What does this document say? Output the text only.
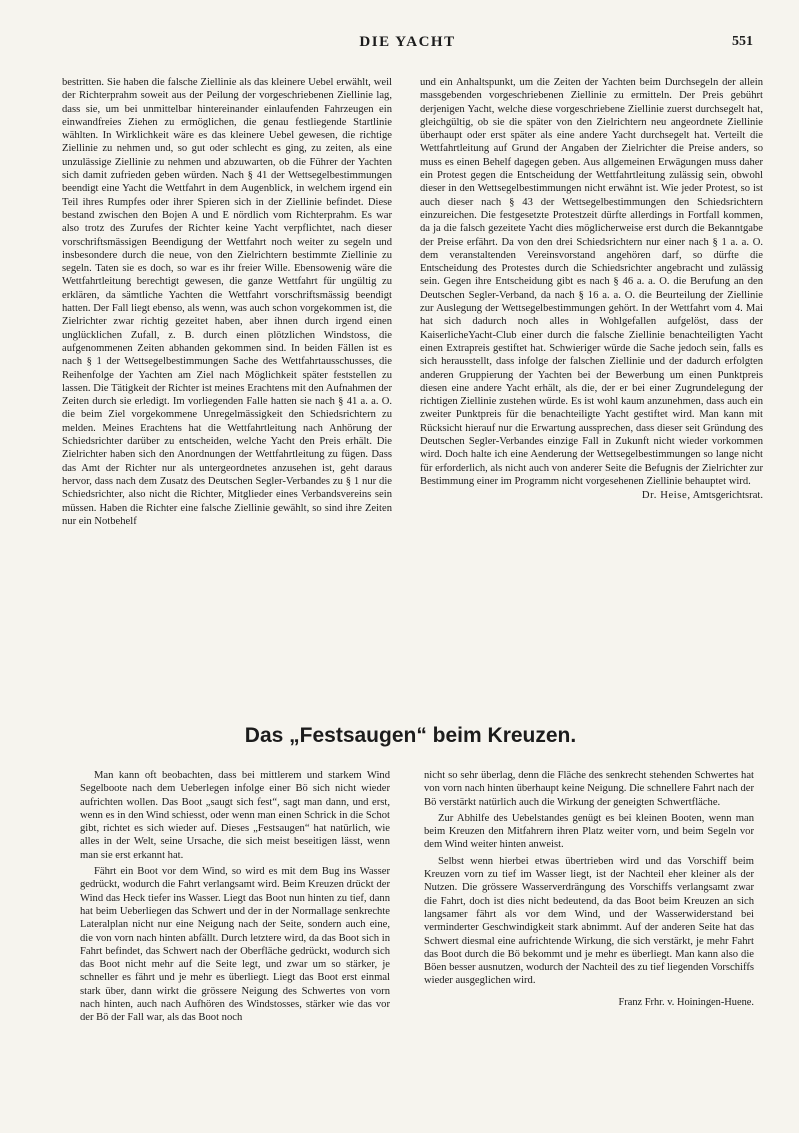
DIE YACHT	551

bestritten. Sie haben die falsche Ziellinie als das kleinere Uebel erwählt, weil der Richterprahm soweit aus der Peilung der vorgeschriebenen Ziellinie lag, dass sie, um bei unmittelbar hintereinander einlaufenden Fahrzeugen ein einwandfreies Ziehen zu ermöglichen, die genau festliegende Startlinie wählten. In Wirklichkeit wäre es das kleinere Uebel gewesen, die richtige Ziellinie zu nehmen und, so gut oder schlecht es ging, zu zeiten, als eine unzulässige Ziellinie zu nehmen und abzuwarten, ob die Führer der Yachten sich damit zufrieden geben würden. Nach § 41 der Wettsegelbestimmungen beendigt eine Yacht die Wettfahrt in dem Augenblick, in welchem irgend ein Teil ihres Rumpfes oder ihrer Spieren sich in der Ziellinie befindet. Diese bestand zwischen den Bojen A und E nördlich vom Richterprahm. Es war also trotz des Zurufes der Richter keine Yacht verpflichtet, nach dieser vorschriftsmässigen Beendigung der Wettfahrt noch weiter zu segeln und insbesondere durch die neue, von den Zielrichtern bestimmte Ziellinie zu segeln. Taten sie es doch, so war es ihr freier Wille. Ebensowenig wäre die Wettfahrtleitung berechtigt gewesen, die ganze Wettfahrt für ungültig zu erklären, da sämtliche Yachten die Wettfahrt vorschriftsmässig beendigt hatten. Der Fall liegt ebenso, als wenn, was auch schon vorgekommen ist, die Zielrichter zwar richtig gezeitet haben, aber ihnen durch irgend einen unglücklichen Zufall, z. B. durch einen plötzlichen Windstoss, die aufgenommenen Zeiten abhanden gekommen sind. In beiden Fällen ist es nach § 1 der Wettsegelbestimmungen Sache des Wettfahrtausschusses, die Reihenfolge der Yachten am Ziel nach Möglichkeit später feststellen zu lassen. Die Tätigkeit der Richter ist meines Erachtens mit den Aufnahmen der Zeiten durch sie erledigt. Im vorliegenden Falle hatten sie nach § 41 a. a. O. die beim Ziel vorgekommene Unregelmässigkeit den Schiedsrichtern zu melden. Meines Erachtens hat die Wettfahrtleitung nach Anhörung der Schiedsrichter darüber zu entscheiden, welche Yacht den Preis erhält. Die Zielrichter haben sich den Anordnungen der Wettfahrtleitung zu fügen. Dass das Amt der Richter nur als untergeordnetes anzusehen ist, geht daraus hervor, dass nach dem Zusatz des Deutschen Segler-Verbandes zu § 1 nur die Schiedsrichter, also nicht die Richter, Mitglieder eines Verbandsvereins sein müssen. Haben die Richter eine falsche Ziellinie gewählt, so sind ihre Zeiten nur ein Notbehelf

und ein Anhaltspunkt, um die Zeiten der Yachten beim Durchsegeln der allein massgebenden vorgeschriebenen Ziellinie zu ermitteln. Der Preis gebührt derjenigen Yacht, welche diese vorgeschriebene Ziellinie zuerst durchsegelt hat, gleichgültig, ob sie die später von den Zielrichtern neu angeordnete Ziellinie überhaupt oder erst später als eine andere Yacht durchsegelt hat. Verteilt die Wettfahrtleitung auf Grund der Angaben der Zielrichter die Preise anders, so muss es einen Behelf dagegen geben. Aus allgemeinen Erwägungen muss daher ein Protest gegen die Entscheidung der Wettfahrtleitung zulässig sein, obwohl dieser in den Wettsegelbestimmungen nicht erwähnt ist. Wie jeder Protest, so ist auch dieser nach § 43 der Wettsegelbestimmungen den Schiedsrichtern einzureichen. Die festgesetzte Protestzeit dürfte allerdings in Fortfall kommen, da ja die falsch gezeitete Yacht dies möglicherweise erst durch die Bekanntgabe der Preise erfährt. Da von den drei Schiedsrichtern nur einer nach § 1 a. a. O. dem veranstaltenden Vereinsvorstand angehören darf, so dürfte die Entscheidung des Protestes durch die Schiedsrichter angebracht und zulässig sein. Gegen ihre Entscheidung gibt es nach § 46 a. a. O. die Berufung an den Deutschen Segler-Verband, da nach § 16 a. a. O. die Beurteilung der Ziellinie zur Auslegung der Wettsegelbestimmungen gehört. In der Wettfahrt vom 4. Mai hat sich dadurch noch alles in Wohlgefallen aufgelöst, dass der KaiserlicheYacht-Club einer durch die falsche Ziellinie benachteiligten Yacht einen Extrapreis gestiftet hat. Schwieriger würde die Sache jedoch sein, falls es sich herausstellt, dass infolge der falschen Ziellinie und der dadurch erfolgten anderen Gruppierung der Yachten bei der Bewerbung um einen Punktpreis diesen eine andere Yacht erhält, als die, der er bei einer Zugrundelegung der richtigen Ziellinie zustehen würde. Es ist wohl kaum anzunehmen, dass auch ein zweiter Punktpreis für die benachteiligte Yacht gestiftet wird. Man kann mit Rücksicht hierauf nur die Erwartung aussprechen, dass dieser seit Gründung des Deutschen Segler-Verbandes einzige Fall in Zukunft nicht wieder vorkommen wird. Doch halte ich eine Aenderung der Wettsegelbestimmungen so lange nicht für erforderlich, als nicht auch von anderer Seite die Befugnis der Zielrichter zur Bestimmung einer im Programm nicht vorgesehenen Ziellinie behauptet wird.

Dr. Heise, Amtsgerichtsrat.
Das „Festsaugen“ beim Kreuzen.

Man kann oft beobachten, dass bei mittlerem und starkem Wind Segelboote nach dem Ueberlegen infolge einer Bö sich nicht wieder aufrichten wollen. Das Boot „saugt sich fest“, sagt man dann, und erst, wenn es in den Wind schiesst, oder wenn man einen Schrick in die Schot gibt, richtet es sich wieder auf. Dieses „Festsaugen“ hat natürlich, wie alles in der Welt, seine Ursache, die sich meist beseitigen lässt, wenn man sie erst erkannt hat.

Fährt ein Boot vor dem Wind, so wird es mit dem Bug ins Wasser gedrückt, wodurch die Fahrt verlangsamt wird. Beim Kreuzen drückt der Wind das Heck tiefer ins Wasser. Liegt das Boot nun hinten zu tief, dann hat beim Ueberliegen das Schwert und der in der Normallage senkrechte Lateralplan nicht nur eine Neigung nach der Seite, sondern auch eine, die von vorn nach hinten abfällt. Durch letztere wird, da das Boot sich in Fahrt befindet, das Schwert nach der Oberfläche gedrückt, wodurch sich das Boot nicht mehr auf die Seite legt, und zwar um so stärker, je schneller es fährt und je mehr es überliegt. Liegt das Boot erst einmal stark über, dann wirkt die grössere Neigung des Schwertes von vorn nach hinten, auch nach Aufhören des Windstosses, stärker wie das vor der Bö der Fall war, als das Boot noch

nicht so sehr überlag, denn die Fläche des senkrecht stehenden Schwertes hat von vorn nach hinten überhaupt keine Neigung. Die schnellere Fahrt nach der Bö verstärkt natürlich auch die Wirkung der geneigten Schwertfläche.

Zur Abhilfe des Uebelstandes genügt es bei kleinen Booten, wenn man beim Kreuzen den Mitfahrern ihren Platz weiter vorn, und beim Segeln vor dem Wind weiter hinten anweist.

Selbst wenn hierbei etwas übertrieben wird und das Vorschiff beim Kreuzen vorn zu tief im Wasser liegt, ist der Nachteil eher kleiner als der Nutzen. Die grössere Wasserverdrängung des Vorschiffs verlangsamt zwar die Fahrt, doch ist dies nicht bedeutend, da das Boot beim Kreuzen an sich langsamer fährt als vor dem Wind, und der Wasserwiderstand bei verminderter Geschwindigkeit stark abnimmt. Auf der anderen Seite hat das Schwert diesmal eine aufrichtende Wirkung, die sich verstärkt, je mehr Fahrt das Boot durch die Bö bekommt und je mehr es überliegt. Man kann also die Böen besser ausnutzen, wodurch der Nachteil des zu tief liegenden Vorschiffs wieder ausgeglichen wird.

Franz Frhr. v. Hoiningen-Huene.
